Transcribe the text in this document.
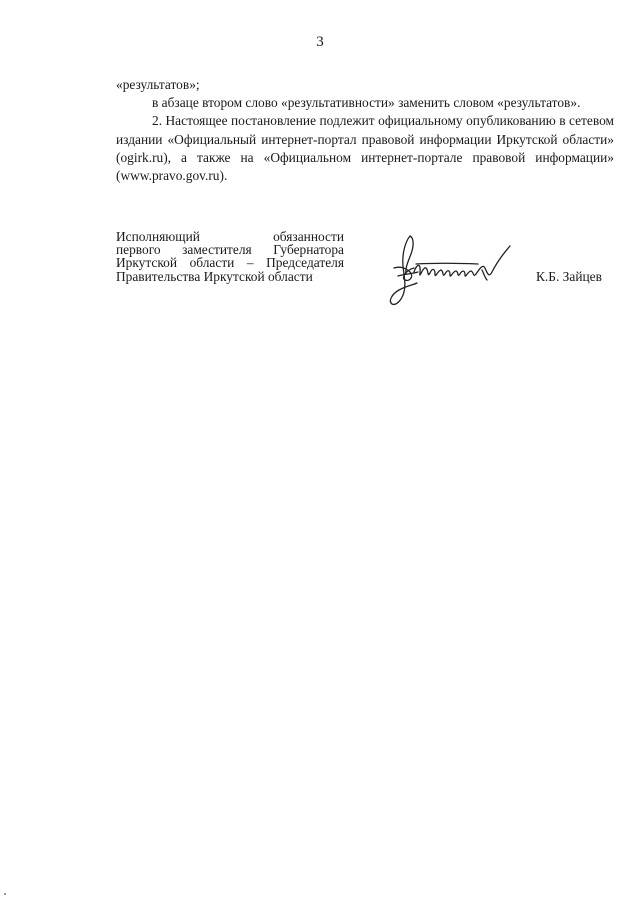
3

«результатов»;

в абзаце втором слово «результативности» заменить словом «результатов».

2. Настоящее постановление подлежит официальному опубликованию в сетевом издании «Официальный интернет-портал правовой информации Иркутской области» (ogirk.ru), а также на «Официальном интернет-портале правовой информации» (www.pravo.gov.ru).

Исполняющий обязанности
первого заместителя Губернатора
Иркутской области – Председателя
Правительства Иркутской области	К.Б. Зайцев
